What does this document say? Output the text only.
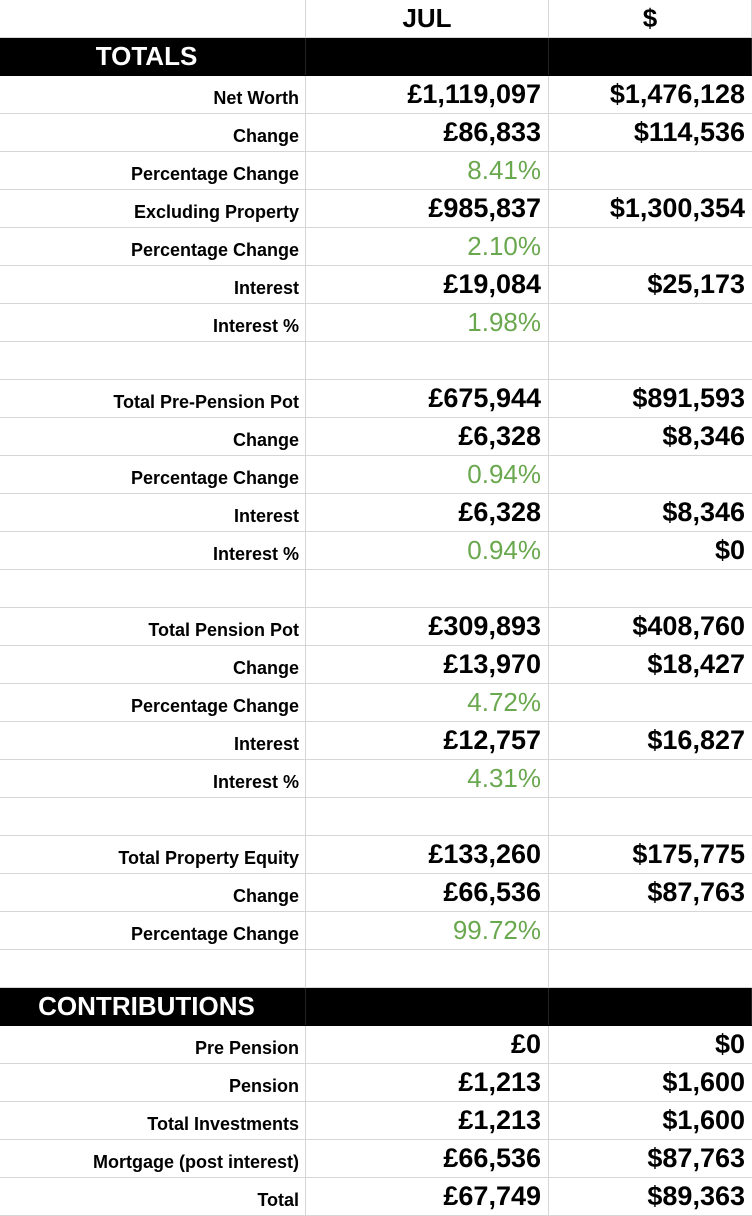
JUL	$
TOTALS
Net Worth	£1,119,097	$1,476,128
Change	£86,833	$114,536
Percentage Change	8.41%
Excluding Property	£985,837	$1,300,354
Percentage Change	2.10%
Interest	£19,084	$25,173
Interest %	1.98%
Total Pre-Pension Pot	£675,944	$891,593
Change	£6,328	$8,346
Percentage Change	0.94%
Interest	£6,328	$8,346
Interest %	0.94%	$0
Total Pension Pot	£309,893	$408,760
Change	£13,970	$18,427
Percentage Change	4.72%
Interest	£12,757	$16,827
Interest %	4.31%
Total Property Equity	£133,260	$175,775
Change	£66,536	$87,763
Percentage Change	99.72%
CONTRIBUTIONS
Pre Pension	£0	$0
Pension	£1,213	$1,600
Total Investments	£1,213	$1,600
Mortgage (post interest)	£66,536	$87,763
Total	£67,749	$89,363
